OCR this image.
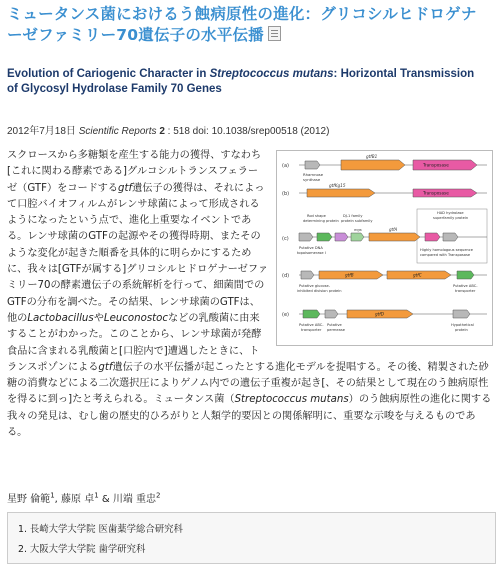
ミュータンス菌におけるう蝕病原性の進化：グリコシルヒドロゲナーゼファミリー70遺伝子の水平伝播
Evolution of Cariogenic Character in Streptococcus mutans: Horizontal Transmission of Glycosyl Hydrolase Family 70 Genes
2012年7月18日 Scientific Reports 2 : 518 doi: 10.1038/srep00518 (2012)

スクロースから多糖類を産生する能力の獲得、すなわち[これに関わる酵素である]グルコシルトランスフェラーゼ（GTF）をコードするgtf遺伝子の獲得は、それによって口腔バイオフィルムがレンサ球菌によって形成されるようになったという点で、進化上重要なイベントである。レンサ球菌のGTFの起源やその獲得時期、またそのような変化が起きた順番を具体的に明らかにするために、我々は[GTFが属する]グリコシルヒドロゲナーゼファミリー70の酵素遺伝子の系統解析を行って、細菌間でのGTFの分布を調べた。その結果、レンサ球菌のGTFは、他のLactobacillusやLeuconostocなどの乳酸菌に由来することがわかった。このことから、レンサ球菌が発酵食品に含まれる乳酸菌と[口腔内で]遭遇したときに、トランスポゾンによるgtf遺伝子の水平伝播が起こったとする進化モデルを提唱する。その後、精製された砂糖の消費などによる二次選択圧によりゲノム内での遺伝子重複が起き[、その結果として現在のう蝕病原性を得るに到っ]たと考えられる。ミュータンス菌（Streptococcus mutans）のう蝕病原性の進化に関する我々の発見は、むし歯の歴史的ひろがりと人類学的要因との関係解明に、重要な示唆を与えるものである。

(a)
(b)
(c)
(d)
(e)
gtfB1
Transposase
Rhamnose
synthase
gtfKg15
Transposase
HAD hydrolase
superfamily protein
Rod shape
determining protein
DJ-1 family
protein subfamily
mgs	gtfA
Highly homologous sequence
compared with Transposase
Putative DNA
topoisomerase I
gtfB	gtfC
Putative glucose-
inhibited division protein
Putative ABC-
transporter
gtfD
Putative ABC-
transporter
Putative
permease
Hypothetical
protein
星野 倫範$^1$, 藤原 卓$^1$ & 川端 重忠$^2$
1. 長崎大学大学院 医歯薬学総合研究科
2. 大阪大学大学院 歯学研究科
